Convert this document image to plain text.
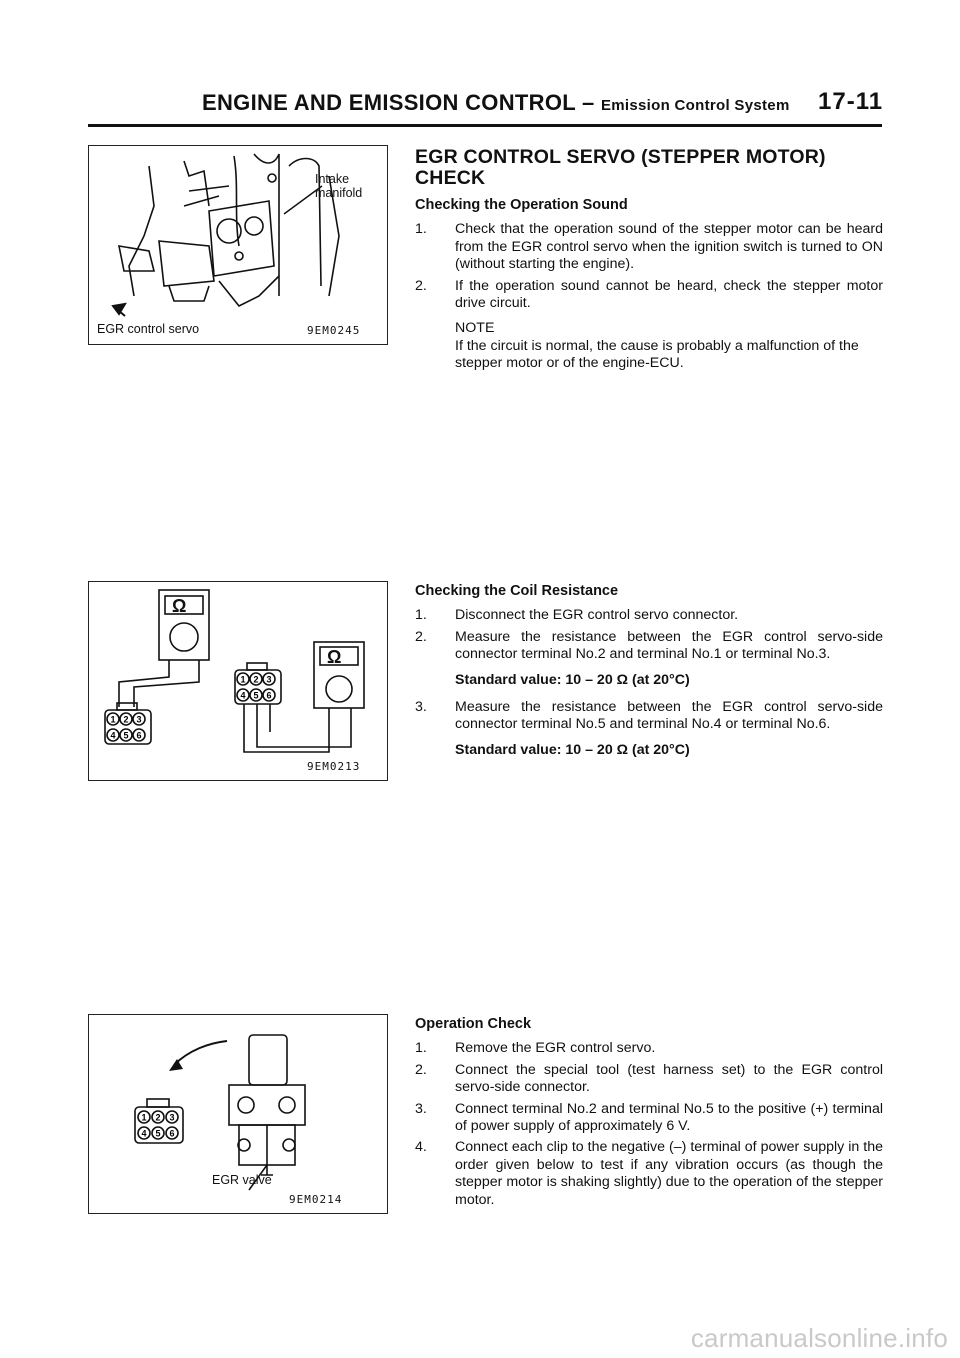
ENGINE AND EMISSION CONTROL – Emission Control System 17-11
Intake
manifold
EGR control servo	9EM0245
Ω
Ω
1 2 3
4 5 6
1 2 3
4 5 6
9EM0213
1 2 3
4 5 6
EGR valve
9EM0214
EGR CONTROL SERVO (STEPPER MOTOR)
CHECK
Checking the Operation Sound
1. Check that the operation sound of the stepper motor can be heard from the EGR control servo when the ignition switch is turned to ON (without starting the engine).
2. If the operation sound cannot be heard, check the stepper motor drive circuit.
NOTE
If the circuit is normal, the cause is probably a malfunction of the stepper motor or of the engine-ECU.
Checking the Coil Resistance
1. Disconnect the EGR control servo connector.
2. Measure the resistance between the EGR control servo-side connector terminal No.2 and terminal No.1 or terminal No.3.
Standard value: 10 – 20 Ω (at 20°C)
3. Measure the resistance between the EGR control servo-side connector terminal No.5 and terminal No.4 or terminal No.6.
Standard value: 10 – 20 Ω (at 20°C)
Operation Check
1. Remove the EGR control servo.
2. Connect the special tool (test harness set) to the EGR control servo-side connector.
3. Connect terminal No.2 and terminal No.5 to the positive (+) terminal of power supply of approximately 6 V.
4. Connect each clip to the negative (–) terminal of power supply in the order given below to test if any vibration occurs (as though the stepper motor is shaking slightly) due to the operation of the stepper motor.
carmanualsonline.info
